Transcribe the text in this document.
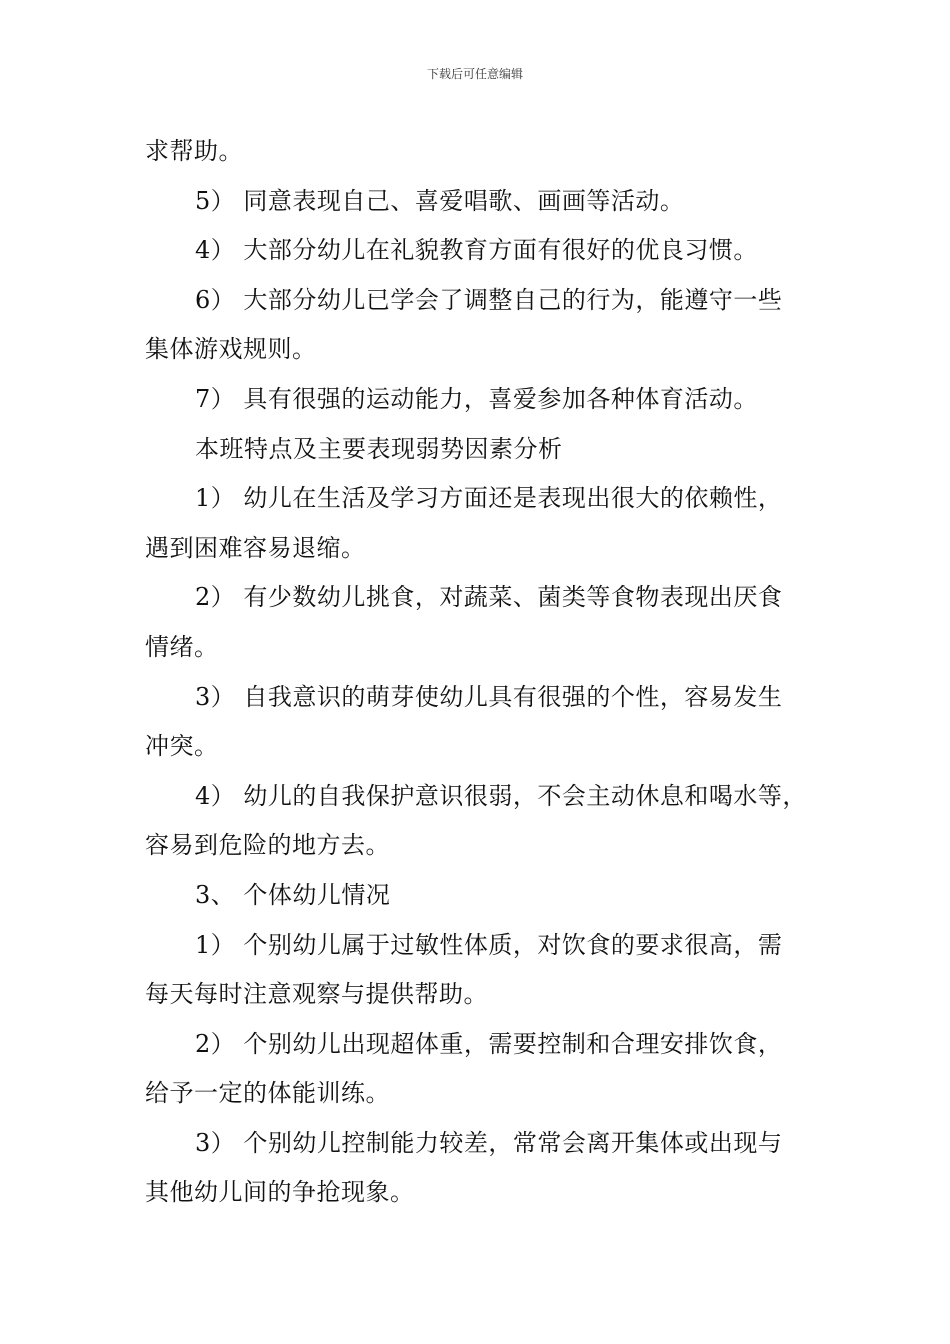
下载后可任意编辑

求帮助。

5） 同意表现自己、喜爱唱歌、画画等活动。

4） 大部分幼儿在礼貌教育方面有很好的优良习惯。

6） 大部分幼儿已学会了调整自己的行为，能遵守一些

集体游戏规则。

7） 具有很强的运动能力，喜爱参加各种体育活动。

本班特点及主要表现弱势因素分析

1） 幼儿在生活及学习方面还是表现出很大的依赖性，

遇到困难容易退缩。

2） 有少数幼儿挑食，对蔬菜、菌类等食物表现出厌食

情绪。

3） 自我意识的萌芽使幼儿具有很强的个性，容易发生

冲突。

4） 幼儿的自我保护意识很弱，不会主动休息和喝水等，

容易到危险的地方去。

3、 个体幼儿情况

1） 个别幼儿属于过敏性体质，对饮食的要求很高，需

每天每时注意观察与提供帮助。

2） 个别幼儿出现超体重，需要控制和合理安排饮食，

给予一定的体能训练。

3） 个别幼儿控制能力较差，常常会离开集体或出现与

其他幼儿间的争抢现象。
